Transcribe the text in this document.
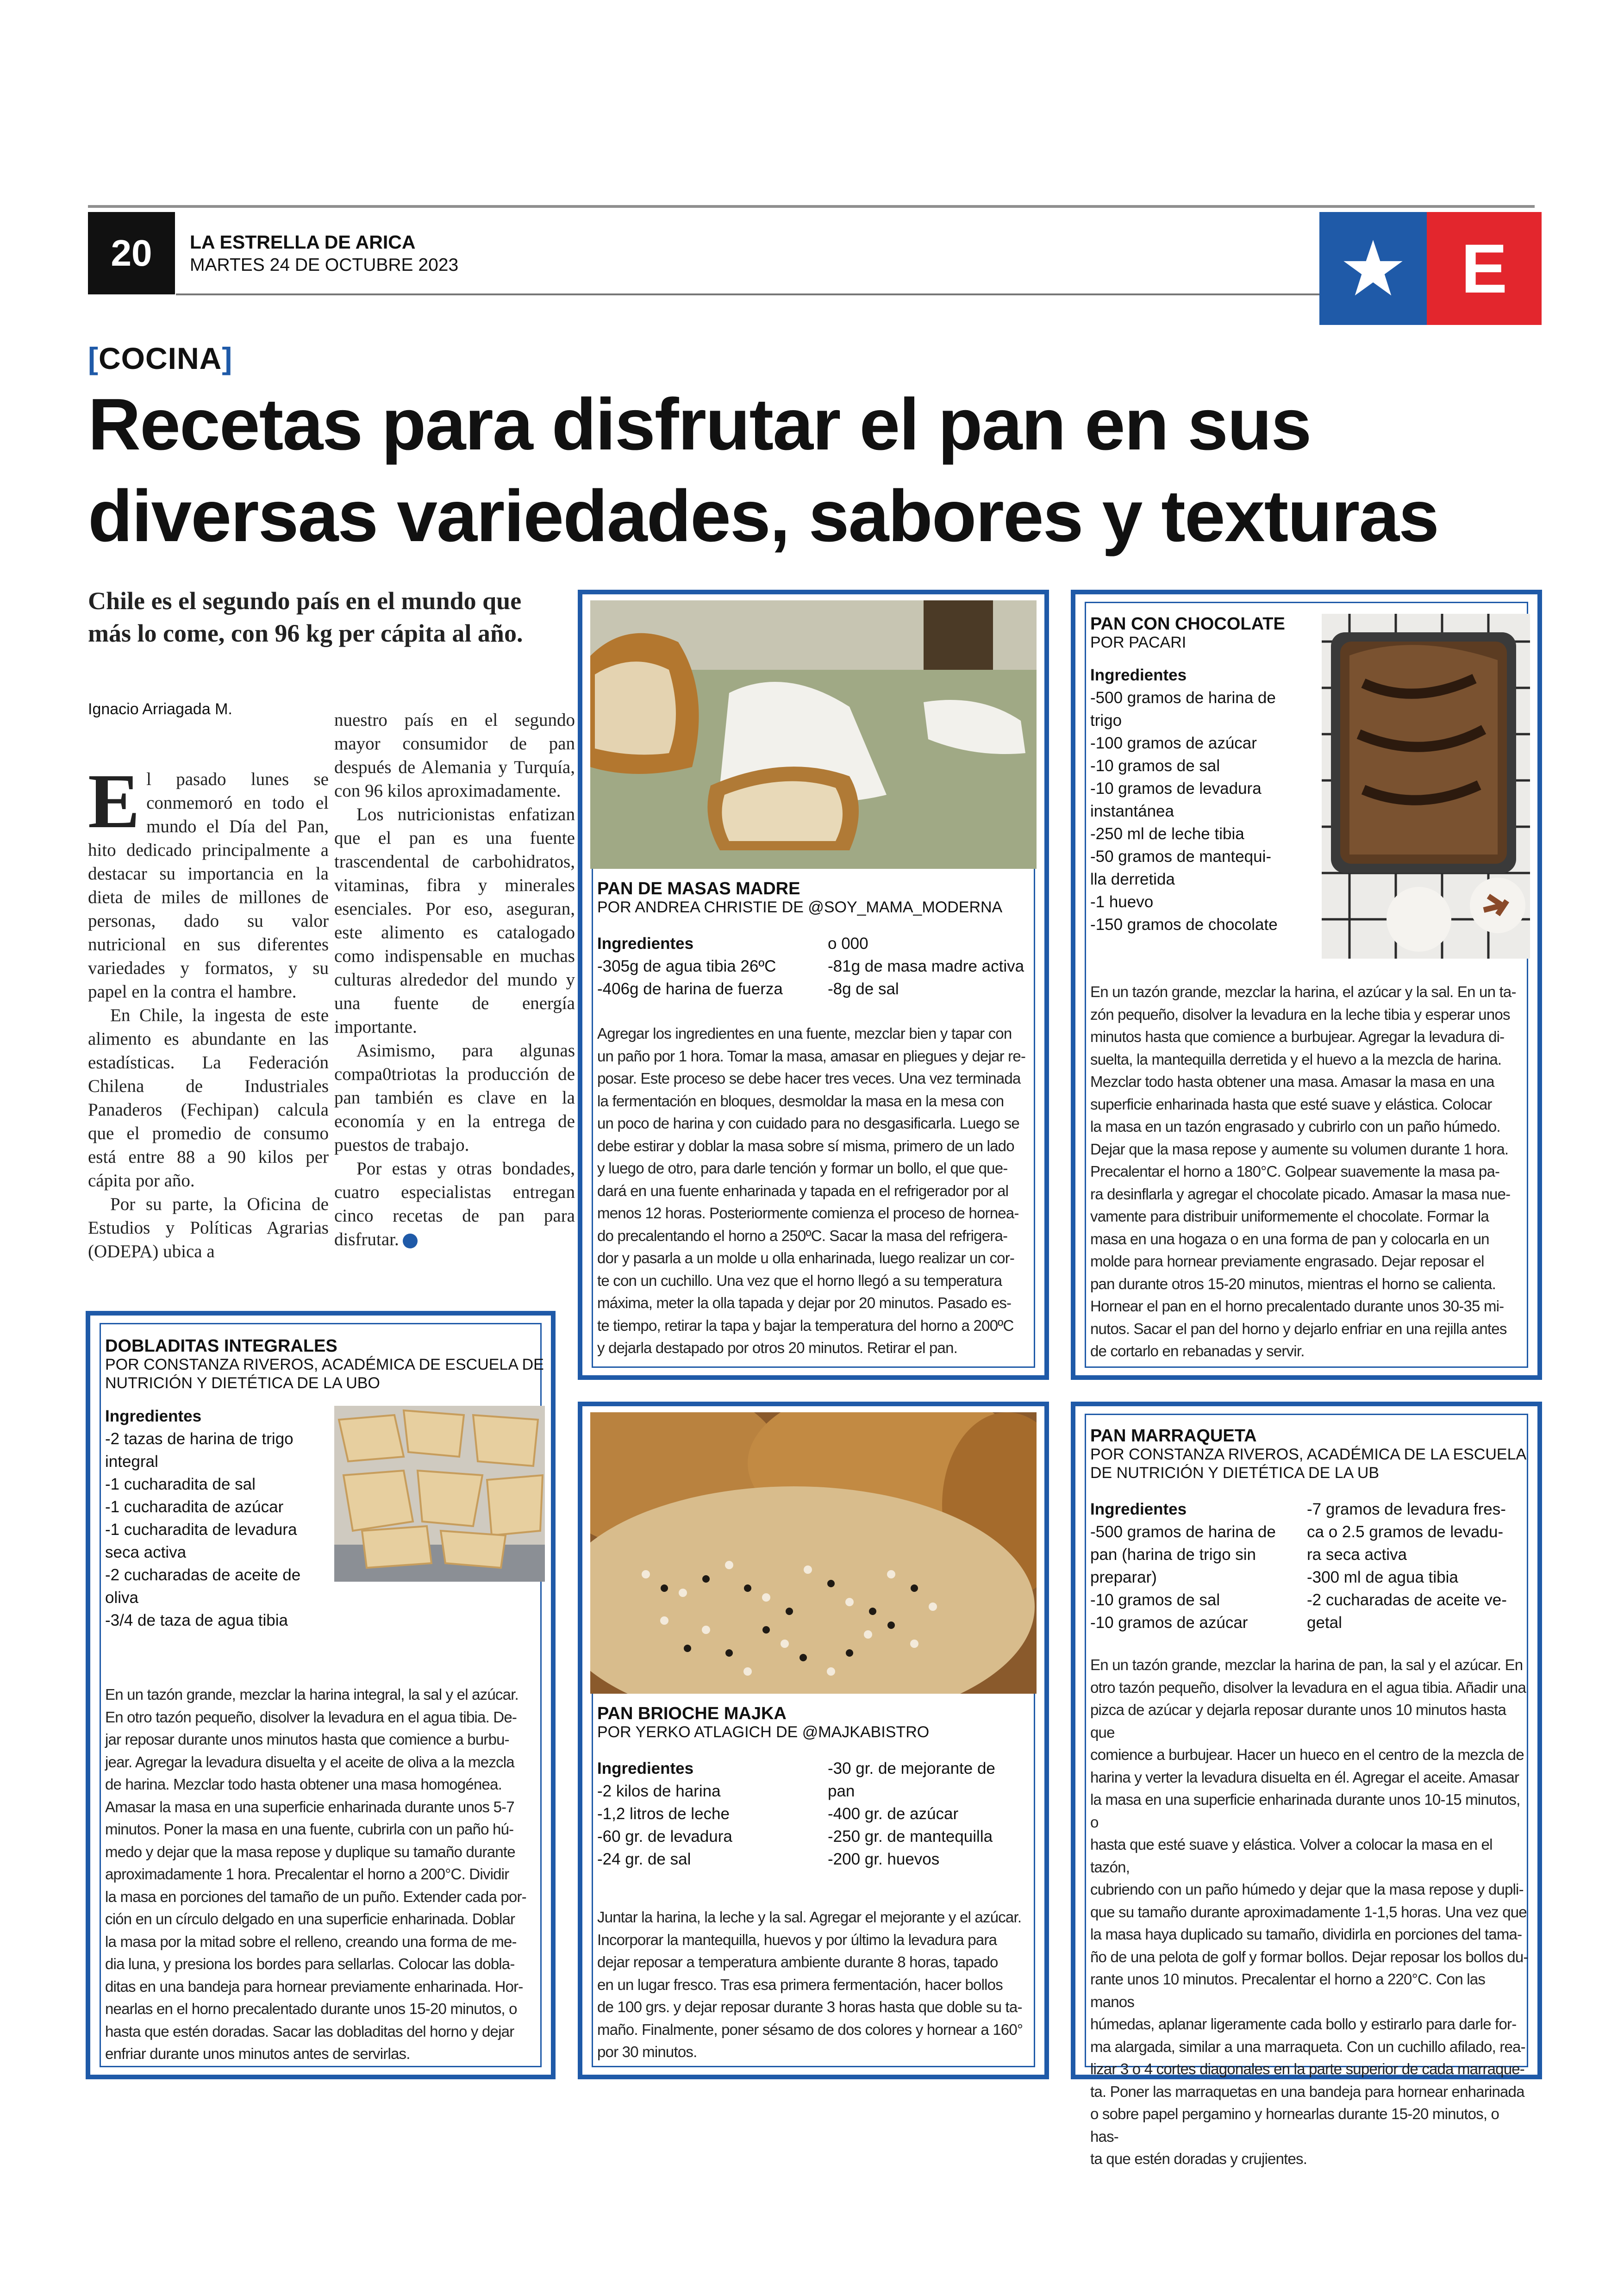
20	LA ESTRELLA DE ARICA
MARTES 24 DE OCTUBRE 2023	E
[COCINA]
Recetas para disfrutar el pan en sus
diversas variedades, sabores y texturas
Chile es el segundo país en el mundo que más lo come, con 96 kg per cápita al año.
Ignacio Arriagada M.

El pasado lunes se conmemoró en todo el mundo el Día del Pan, hito dedicado principalmente a destacar su importancia en la dieta de miles de millones de personas, dado su valor nutricional en sus diferentes variedades y formatos, y su papel en la contra el hambre.

En Chile, la ingesta de este alimento es abundante en las estadísticas. La Federación Chilena de Industriales Panaderos (Fechipan) calcula que el promedio de consumo está entre 88 a 90 kilos per cápita por año.

Por su parte, la Oficina de Estudios y Políticas Agrarias (ODEPA) ubica a

nuestro país en el segundo mayor consumidor de pan después de Alemania y Turquía, con 96 kilos aproximadamente.

Los nutricionistas enfatizan que el pan es una fuente trascendental de carbohidratos, vitaminas, fibra y minerales esenciales. Por eso, aseguran, este alimento es catalogado como indispensable en muchas culturas alrededor del mundo y una fuente de energía importante.

Asimismo, para algunas compa0triotas la producción de pan también es clave en la economía y en la entrega de puestos de trabajo.

Por estas y otras bondades, cuatro especialistas entregan cinco recetas de pan para disfrutar.

PAN DE MASAS MADRE
POR ANDREA CHRISTIE DE @SOY_MAMA_MODERNA
Ingredientes
-305g de agua tibia 26ºC
-406g de harina de fuerza
o 000
-81g de masa madre activa
-8g de sal
Agregar los ingredientes en una fuente, mezclar bien y tapar con
un paño por 1 hora. Tomar la masa, amasar en pliegues y dejar re-
posar. Este proceso se debe hacer tres veces. Una vez terminada
la fermentación en bloques, desmoldar la masa en la mesa con
un poco de harina y con cuidado para no desgasificarla. Luego se
debe estirar y doblar la masa sobre sí misma, primero de un lado
y luego de otro, para darle tención y formar un bollo, el que que-
dará en una fuente enharinada y tapada en el refrigerador por al
menos 12 horas. Posteriormente comienza el proceso de hornea-
do precalentando el horno a 250ºC. Sacar la masa del refrigera-
dor y pasarla a un molde u olla enharinada, luego realizar un cor-
te con un cuchillo. Una vez que el horno llegó a su temperatura
máxima, meter la olla tapada y dejar por 20 minutos. Pasado es-
te tiempo, retirar la tapa y bajar la temperatura del horno a 200ºC
y dejarla destapado por otros 20 minutos. Retirar el pan.
PAN CON CHOCOLATE
POR PACARI
Ingredientes
-500 gramos de harina de
trigo
-100 gramos de azúcar
-10 gramos de sal
-10 gramos de levadura
instantánea
-250 ml de leche tibia
-50 gramos de mantequi-
lla derretida
-1 huevo
-150 gramos de chocolate
En un tazón grande, mezclar la harina, el azúcar y la sal. En un ta-
zón pequeño, disolver la levadura en la leche tibia y esperar unos
minutos hasta que comience a burbujear. Agregar la levadura di-
suelta, la mantequilla derretida y el huevo a la mezcla de harina.
Mezclar todo hasta obtener una masa. Amasar la masa en una
superficie enharinada hasta que esté suave y elástica. Colocar
la masa en un tazón engrasado y cubrirlo con un paño húmedo.
Dejar que la masa repose y aumente su volumen durante 1 hora.
Precalentar el horno a 180°C. Golpear suavemente la masa pa-
ra desinflarla y agregar el chocolate picado. Amasar la masa nue-
vamente para distribuir uniformemente el chocolate. Formar la
masa en una hogaza o en una forma de pan y colocarla en un
molde para hornear previamente engrasado. Dejar reposar el
pan durante otros 15-20 minutos, mientras el horno se calienta.
Hornear el pan en el horno precalentado durante unos 30-35 mi-
nutos. Sacar el pan del horno y dejarlo enfriar en una rejilla antes
de cortarlo en rebanadas y servir.
DOBLADITAS INTEGRALES
POR CONSTANZA RIVEROS, ACADÉMICA DE ESCUELA DE
NUTRICIÓN Y DIETÉTICA DE LA UBO
Ingredientes
-2 tazas de harina de trigo
integral
-1 cucharadita de sal
-1 cucharadita de azúcar
-1 cucharadita de levadura
seca activa
-2 cucharadas de aceite de
oliva
-3/4 de taza de agua tibia
En un tazón grande, mezclar la harina integral, la sal y el azúcar.
En otro tazón pequeño, disolver la levadura en el agua tibia. De-
jar reposar durante unos minutos hasta que comience a burbu-
jear. Agregar la levadura disuelta y el aceite de oliva a la mezcla
de harina. Mezclar todo hasta obtener una masa homogénea.
Amasar la masa en una superficie enharinada durante unos 5-7
minutos. Poner la masa en una fuente, cubrirla con un paño hú-
medo y dejar que la masa repose y duplique su tamaño durante
aproximadamente 1 hora. Precalentar el horno a 200°C. Dividir
la masa en porciones del tamaño de un puño. Extender cada por-
ción en un círculo delgado en una superficie enharinada. Doblar
la masa por la mitad sobre el relleno, creando una forma de me-
dia luna, y presiona los bordes para sellarlas. Colocar las dobla-
ditas en una bandeja para hornear previamente enharinada. Hor-
nearlas en el horno precalentado durante unos 15-20 minutos, o
hasta que estén doradas. Sacar las dobladitas del horno y dejar
enfriar durante unos minutos antes de servirlas.
PAN BRIOCHE MAJKA
POR YERKO ATLAGICH DE @MAJKABISTRO
Ingredientes
-2 kilos de harina
-1,2 litros de leche
-60 gr. de levadura
-24 gr. de sal
-30 gr. de mejorante de
pan
-400 gr. de azúcar
-250 gr. de mantequilla
-200 gr. huevos
Juntar la harina, la leche y la sal. Agregar el mejorante y el azúcar.
Incorporar la mantequilla, huevos y por último la levadura para
dejar reposar a temperatura ambiente durante 8 horas, tapado
en un lugar fresco. Tras esa primera fermentación, hacer bollos
de 100 grs. y dejar reposar durante 3 horas hasta que doble su ta-
maño. Finalmente, poner sésamo de dos colores y hornear a 160°
por 30 minutos.
PAN MARRAQUETA
POR CONSTANZA RIVEROS, ACADÉMICA DE LA ESCUELA
DE NUTRICIÓN Y DIETÉTICA DE LA UB
Ingredientes
-500 gramos de harina de
pan (harina de trigo sin
preparar)
-10 gramos de sal
-10 gramos de azúcar
-7 gramos de levadura fres-
ca o 2.5 gramos de levadu-
ra seca activa
-300 ml de agua tibia
-2 cucharadas de aceite ve-
getal
En un tazón grande, mezclar la harina de pan, la sal y el azúcar. En
otro tazón pequeño, disolver la levadura en el agua tibia. Añadir una
pizca de azúcar y dejarla reposar durante unos 10 minutos hasta que
comience a burbujear. Hacer un hueco en el centro de la mezcla de
harina y verter la levadura disuelta en él. Agregar el aceite. Amasar
la masa en una superficie enharinada durante unos 10-15 minutos, o
hasta que esté suave y elástica. Volver a colocar la masa en el tazón,
cubriendo con un paño húmedo y dejar que la masa repose y dupli-
que su tamaño durante aproximadamente 1-1,5 horas. Una vez que
la masa haya duplicado su tamaño, dividirla en porciones del tama-
ño de una pelota de golf y formar bollos. Dejar reposar los bollos du-
rante unos 10 minutos. Precalentar el horno a 220°C. Con las manos
húmedas, aplanar ligeramente cada bollo y estirarlo para darle for-
ma alargada, similar a una marraqueta. Con un cuchillo afilado, rea-
lizar 3 o 4 cortes diagonales en la parte superior de cada marraque-
ta. Poner las marraquetas en una bandeja para hornear enharinada
o sobre papel pergamino y hornearlas durante 15-20 minutos, o has-
ta que estén doradas y crujientes.
